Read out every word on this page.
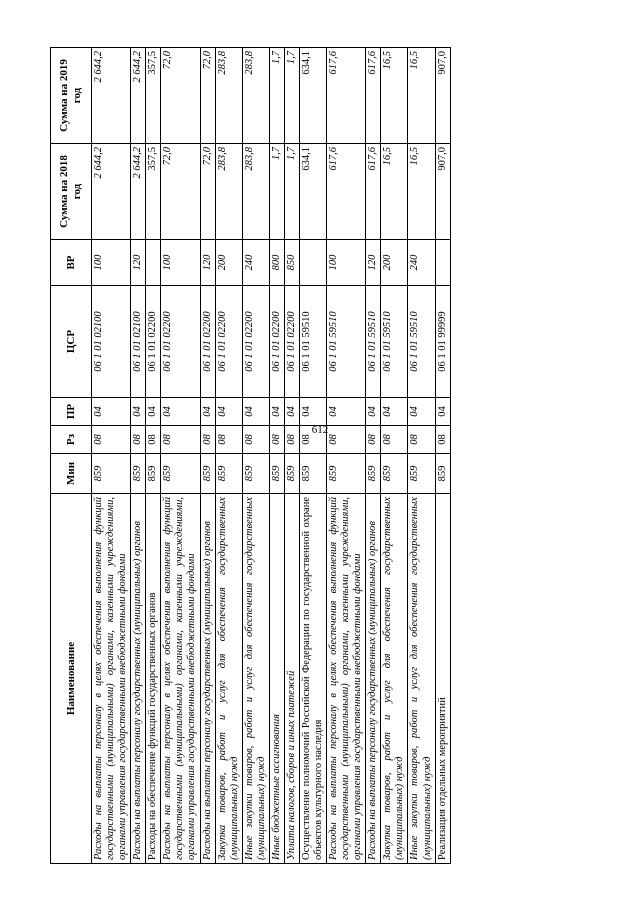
612
Наименование	Мин	Рз	ПР	ЦСР	ВР	Сумма на 2018 год	Сумма на 2019 год
Расходы на выплаты персоналу в целях обеспечения выполнения функций государственными (муниципальными) органами, казенными учреждениями, органами управления государственными внебюджетными фондами	859	08	04	06 1 01 02100	100	2 644,2	2 644,2
Расходы на выплаты персоналу государственных (муниципальных) органов	859	08	04	06 1 01 02100	120	2 644,2	2 644,2
Расходы на обеспечение функций государственных органов	859	08	04	06 1 01 02200		357,5	357,5
Расходы на выплаты персоналу в целях обеспечения выполнения функций государственными (муниципальными) органами, казенными учреждениями, органами управления государственными внебюджетными фондами	859	08	04	06 1 01 02200	100	72,0	72,0
Расходы на выплаты персоналу государственных (муниципальных) органов	859	08	04	06 1 01 02200	120	72,0	72,0
Закупка товаров, работ и услуг для обеспечения государственных (муниципальных) нужд	859	08	04	06 1 01 02200	200	283,8	283,8
Иные закупки товаров, работ и услуг для обеспечения государственных (муниципальных) нужд	859	08	04	06 1 01 02200	240	283,8	283,8
Иные бюджетные ассигнования	859	08	04	06 1 01 02200	800	1,7	1,7
Уплата налогов, сборов и иных платежей	859	08	04	06 1 01 02200	850	1,7	1,7
Осуществление полномочий Российской Федерации по государственной охране объектов культурного наследия	859	08	04	06 1 01 59510		634,1	634,1
Расходы на выплаты персоналу в целях обеспечения выполнения функций государственными (муниципальными) органами, казенными учреждениями, органами управления государственными внебюджетными фондами	859	08	04	06 1 01 59510	100	617,6	617,6
Расходы на выплаты персоналу государственных (муниципальных) органов	859	08	04	06 1 01 59510	120	617,6	617,6
Закупка товаров, работ и услуг для обеспечения государственных (муниципальных) нужд	859	08	04	06 1 01 59510	200	16,5	16,5
Иные закупки товаров, работ и услуг для обеспечения государственных (муниципальных) нужд	859	08	04	06 1 01 59510	240	16,5	16,5
Реализация отдельных мероприятий	859	08	04	06 1 01 99999		907,0	907,0
